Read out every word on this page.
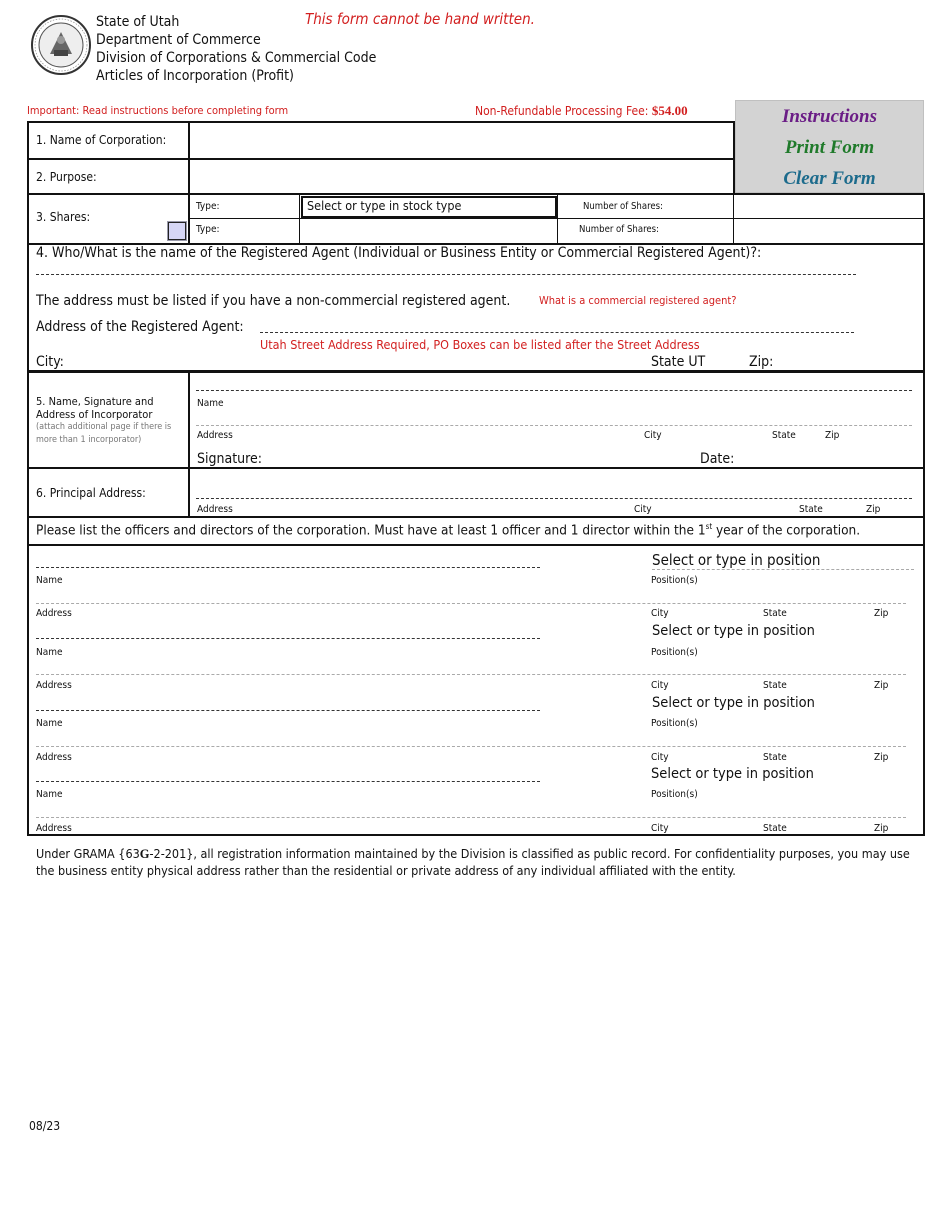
State of Utah
Department of Commerce
Division of Corporations & Commercial Code
Articles of Incorporation (Profit)
This form cannot be hand written.
Important: Read instructions before completing form	Non-Refundable Processing Fee: $54.00	Instructions
Print Form
Clear Form
1. Name of Corporation:
2. Purpose:
3. Shares:
Type:	Select or type in stock type	Number of Shares:
Type:	Number of Shares:
4. Who/What is the name of the Registered Agent (Individual or Business Entity or Commercial Registered Agent)?:
The address must be listed if you have a non-commercial registered agent.	What is a commercial registered agent?
Address of the Registered Agent:
Utah Street Address Required, PO Boxes can be listed after the Street Address
City:	State UT	Zip:
5. Name, Signature and Address of Incorporator
(attach additional page if there is more than 1 incorporator)
Name
Address	City	State	Zip
Signature:	Date:
6. Principal Address:
Address	City	State	Zip
Please list the officers and directors of the corporation. Must have at least 1 officer and 1 director within the 1st year of the corporation.
Select or type in position
Name	Position(s)
Address	City	State	Zip
Select or type in position
Name	Position(s)
Address	City	State	Zip
Select or type in position
Name	Position(s)
Address	City	State	Zip
Select or type in position
Name	Position(s)
Address	City	State	Zip
Under GRAMA {63G-2-201}, all registration information maintained by the Division is classified as public record. For confidentiality purposes, you may use the business entity physical address rather than the residential or private address of any individual affiliated with the entity.
08/23
